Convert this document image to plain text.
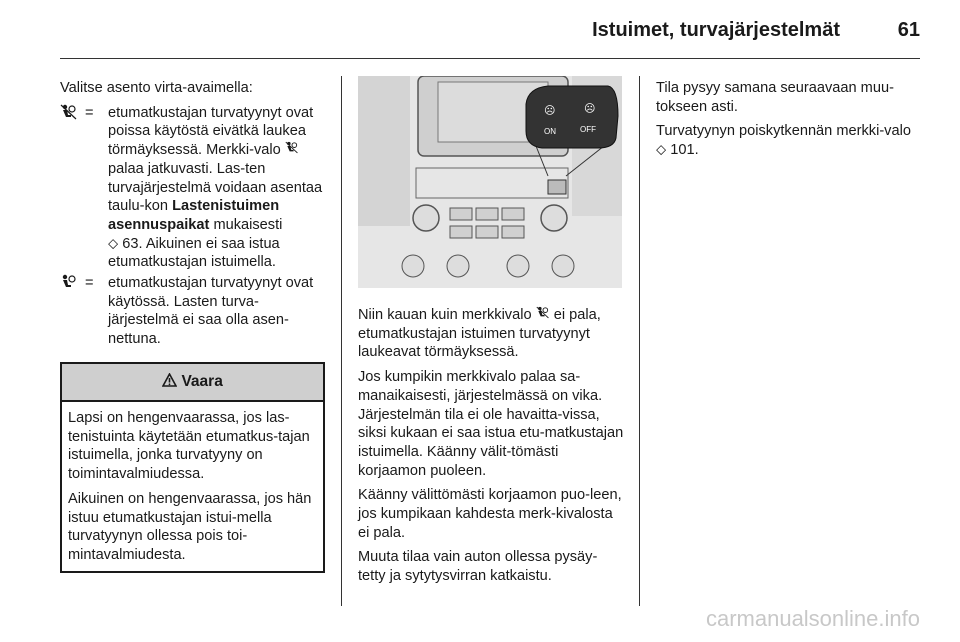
Istuimet, turvajärjestelmät	61

Valitse asento virta-avaimella:

= etumatkustajan turvatyynyt ovat poissa käytöstä eivätkä laukea törmäyksessä. Merkki-valo  palaa jatkuvasti. Las-ten turvajärjestelmä voidaan asentaa taulu-kon Lastenistuimen asennuspaikat mukaisesti
⬦ 63. Aikuinen ei saa istua etumatkustajan istuimella.
= etumatkustajan turvatyynyt ovat käytössä. Lasten turva-järjestelmä ei saa olla asen-nettuna.
Vaara

Lapsi on hengenvaarassa, jos las-tenistuinta käytetään etumatkus-tajan istuimella, jonka turvatyyny on toimintavalmiudessa.

Aikuinen on hengenvaarassa, jos hän istuu etumatkustajan istui-mella turvatyynyn ollessa pois toi-mintavalmiudesta.

☹	☹
ON	OFF

Niin kauan kuin merkkivalo ei pala, etumatkustajan istuimen turvatyynyt laukeavat törmäyksessä.

Jos kumpikin merkkivalo palaa sa-manaikaisesti, järjestelmässä on vika. Järjestelmän tila ei ole havaitta-vissa, siksi kukaan ei saa istua etu-matkustajan istuimella. Käänny välit-tömästi korjaamon puoleen.

Käänny välittömästi korjaamon puo-leen, jos kumpikaan kahdesta merk-kivalosta ei pala.

Muuta tilaa vain auton ollessa pysäy-tetty ja sytytysvirran katkaistu.

Tila pysyy samana seuraavaan muu-tokseen asti.

Turvatyynyn poiskytkennän merkki-valo ⬦ 101.

carmanualsonline.info
